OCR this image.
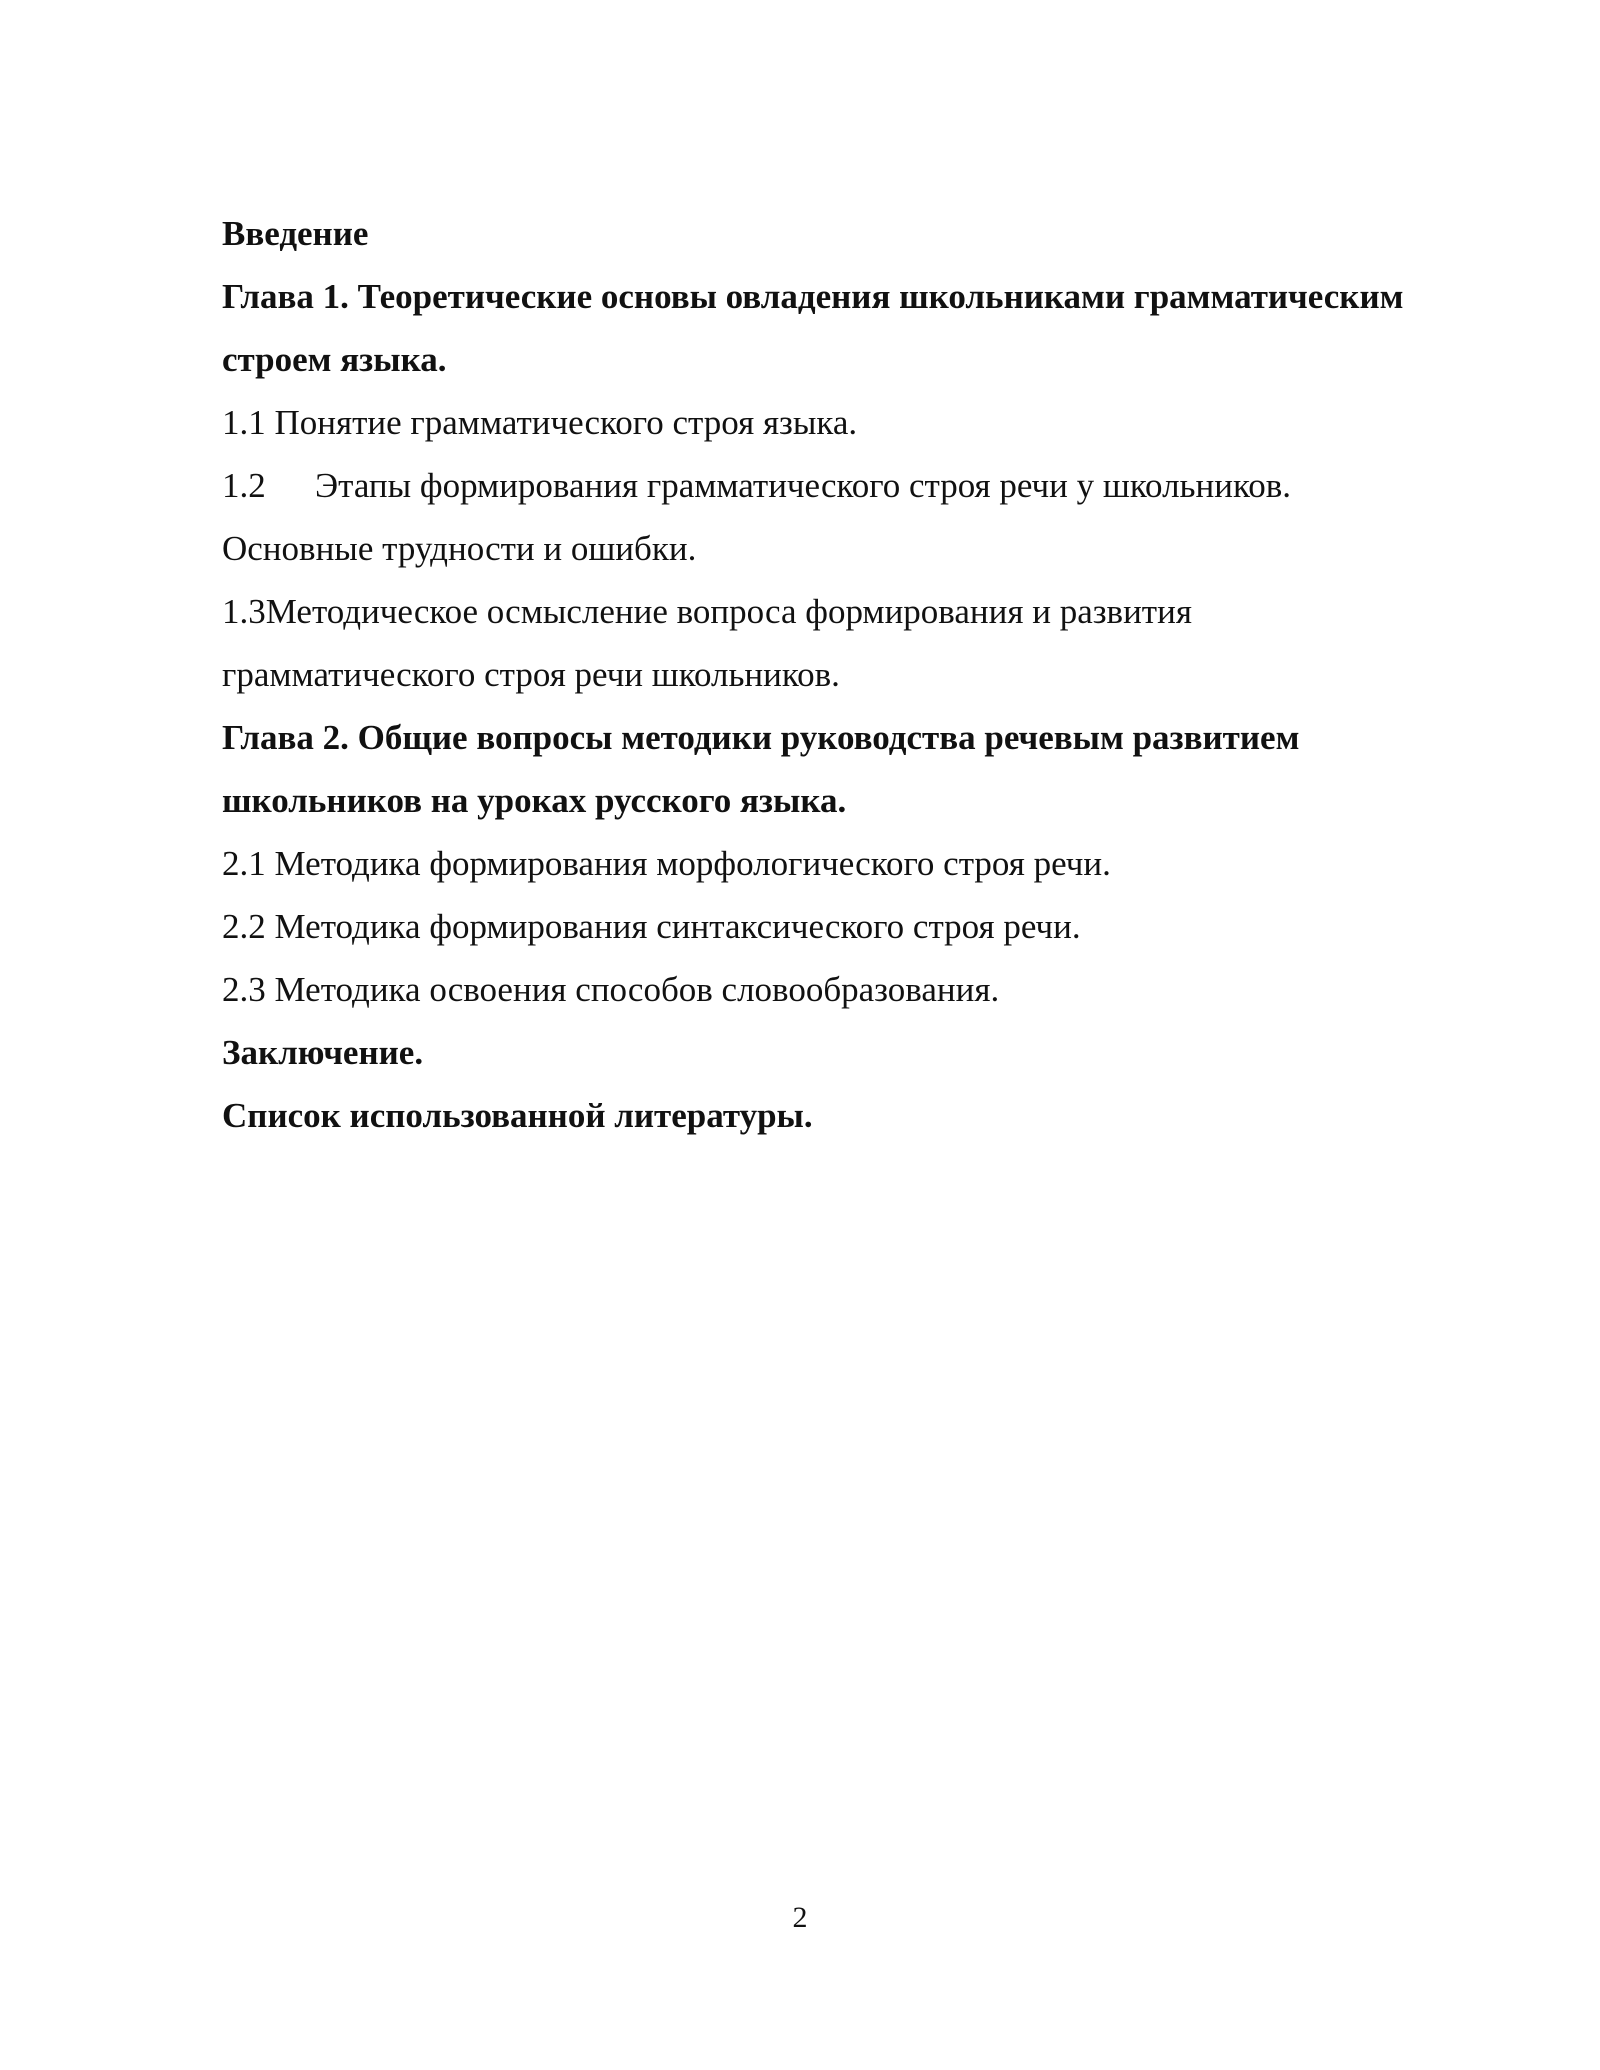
Введение
Глава 1. Теоретические основы овладения школьниками грамматическим
строем языка.
1.1 Понятие грамматического строя языка.
1.2 Этапы формирования грамматического строя речи у школьников.
Основные трудности и ошибки.
1.3Методическое осмысление вопроса формирования и развития
грамматического строя речи школьников.
Глава 2. Общие вопросы методики руководства речевым развитием
школьников на уроках русского языка.
2.1 Методика формирования морфологического строя речи.
2.2 Методика формирования синтаксического строя речи.
2.3 Методика освоения способов словообразования.
Заключение.
Список использованной литературы.
2
